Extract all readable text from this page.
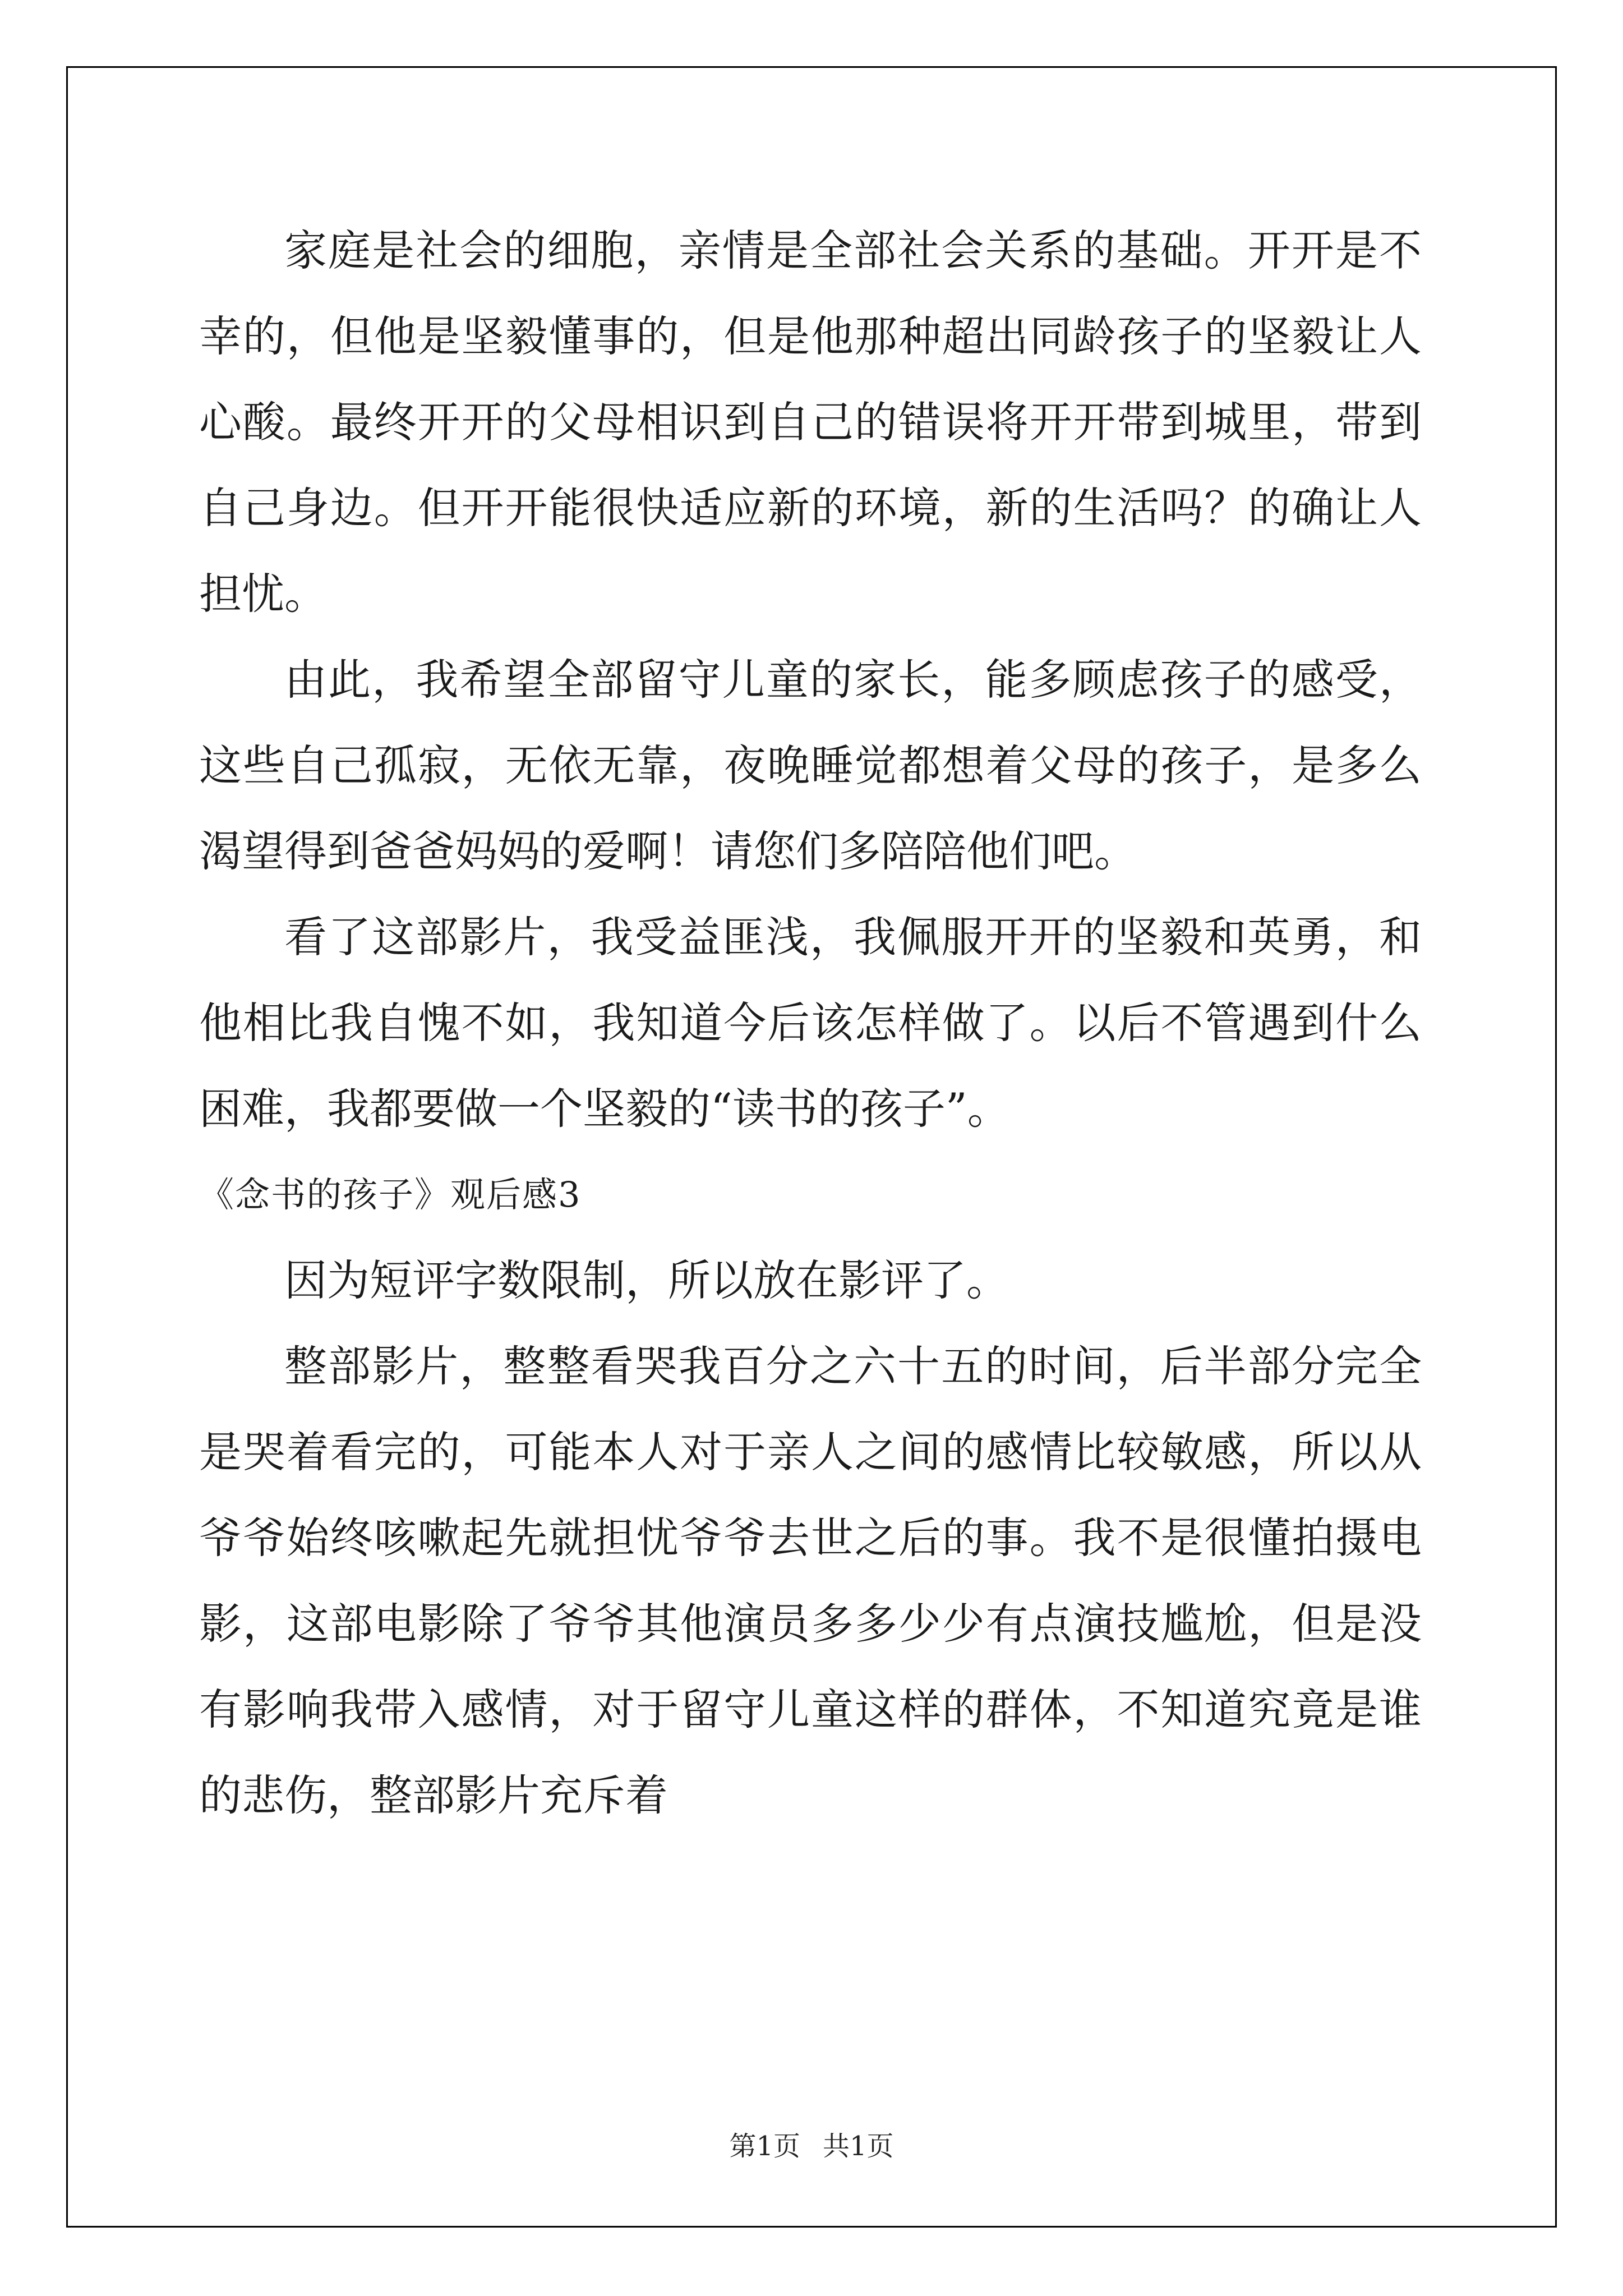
家庭是社会的细胞，亲情是全部社会关系的基础。开开是不幸的，但他是坚毅懂事的，但是他那种超出同龄孩子的坚毅让人心酸。最终开开的父母相识到自己的错误将开开带到城里，带到自己身边。但开开能很快适应新的环境，新的生活吗？的确让人担忧。

由此，我希望全部留守儿童的家长，能多顾虑孩子的感受，这些自己孤寂，无依无靠，夜晚睡觉都想着父母的孩子，是多么渴望得到爸爸妈妈的爱啊！请您们多陪陪他们吧。

看了这部影片，我受益匪浅，我佩服开开的坚毅和英勇，和他相比我自愧不如，我知道今后该怎样做了。以后不管遇到什么困难，我都要做一个坚毅的“读书的孩子”。

《念书的孩子》观后感3

因为短评字数限制，所以放在影评了。

整部影片，整整看哭我百分之六十五的时间，后半部分完全是哭着看完的，可能本人对于亲人之间的感情比较敏感，所以从爷爷始终咳嗽起先就担忧爷爷去世之后的事。我不是很懂拍摄电影，这部电影除了爷爷其他演员多多少少有点演技尴尬，但是没有影响我带入感情，对于留守儿童这样的群体，不知道究竟是谁的悲伤，整部影片充斥着

第1页 共1页
